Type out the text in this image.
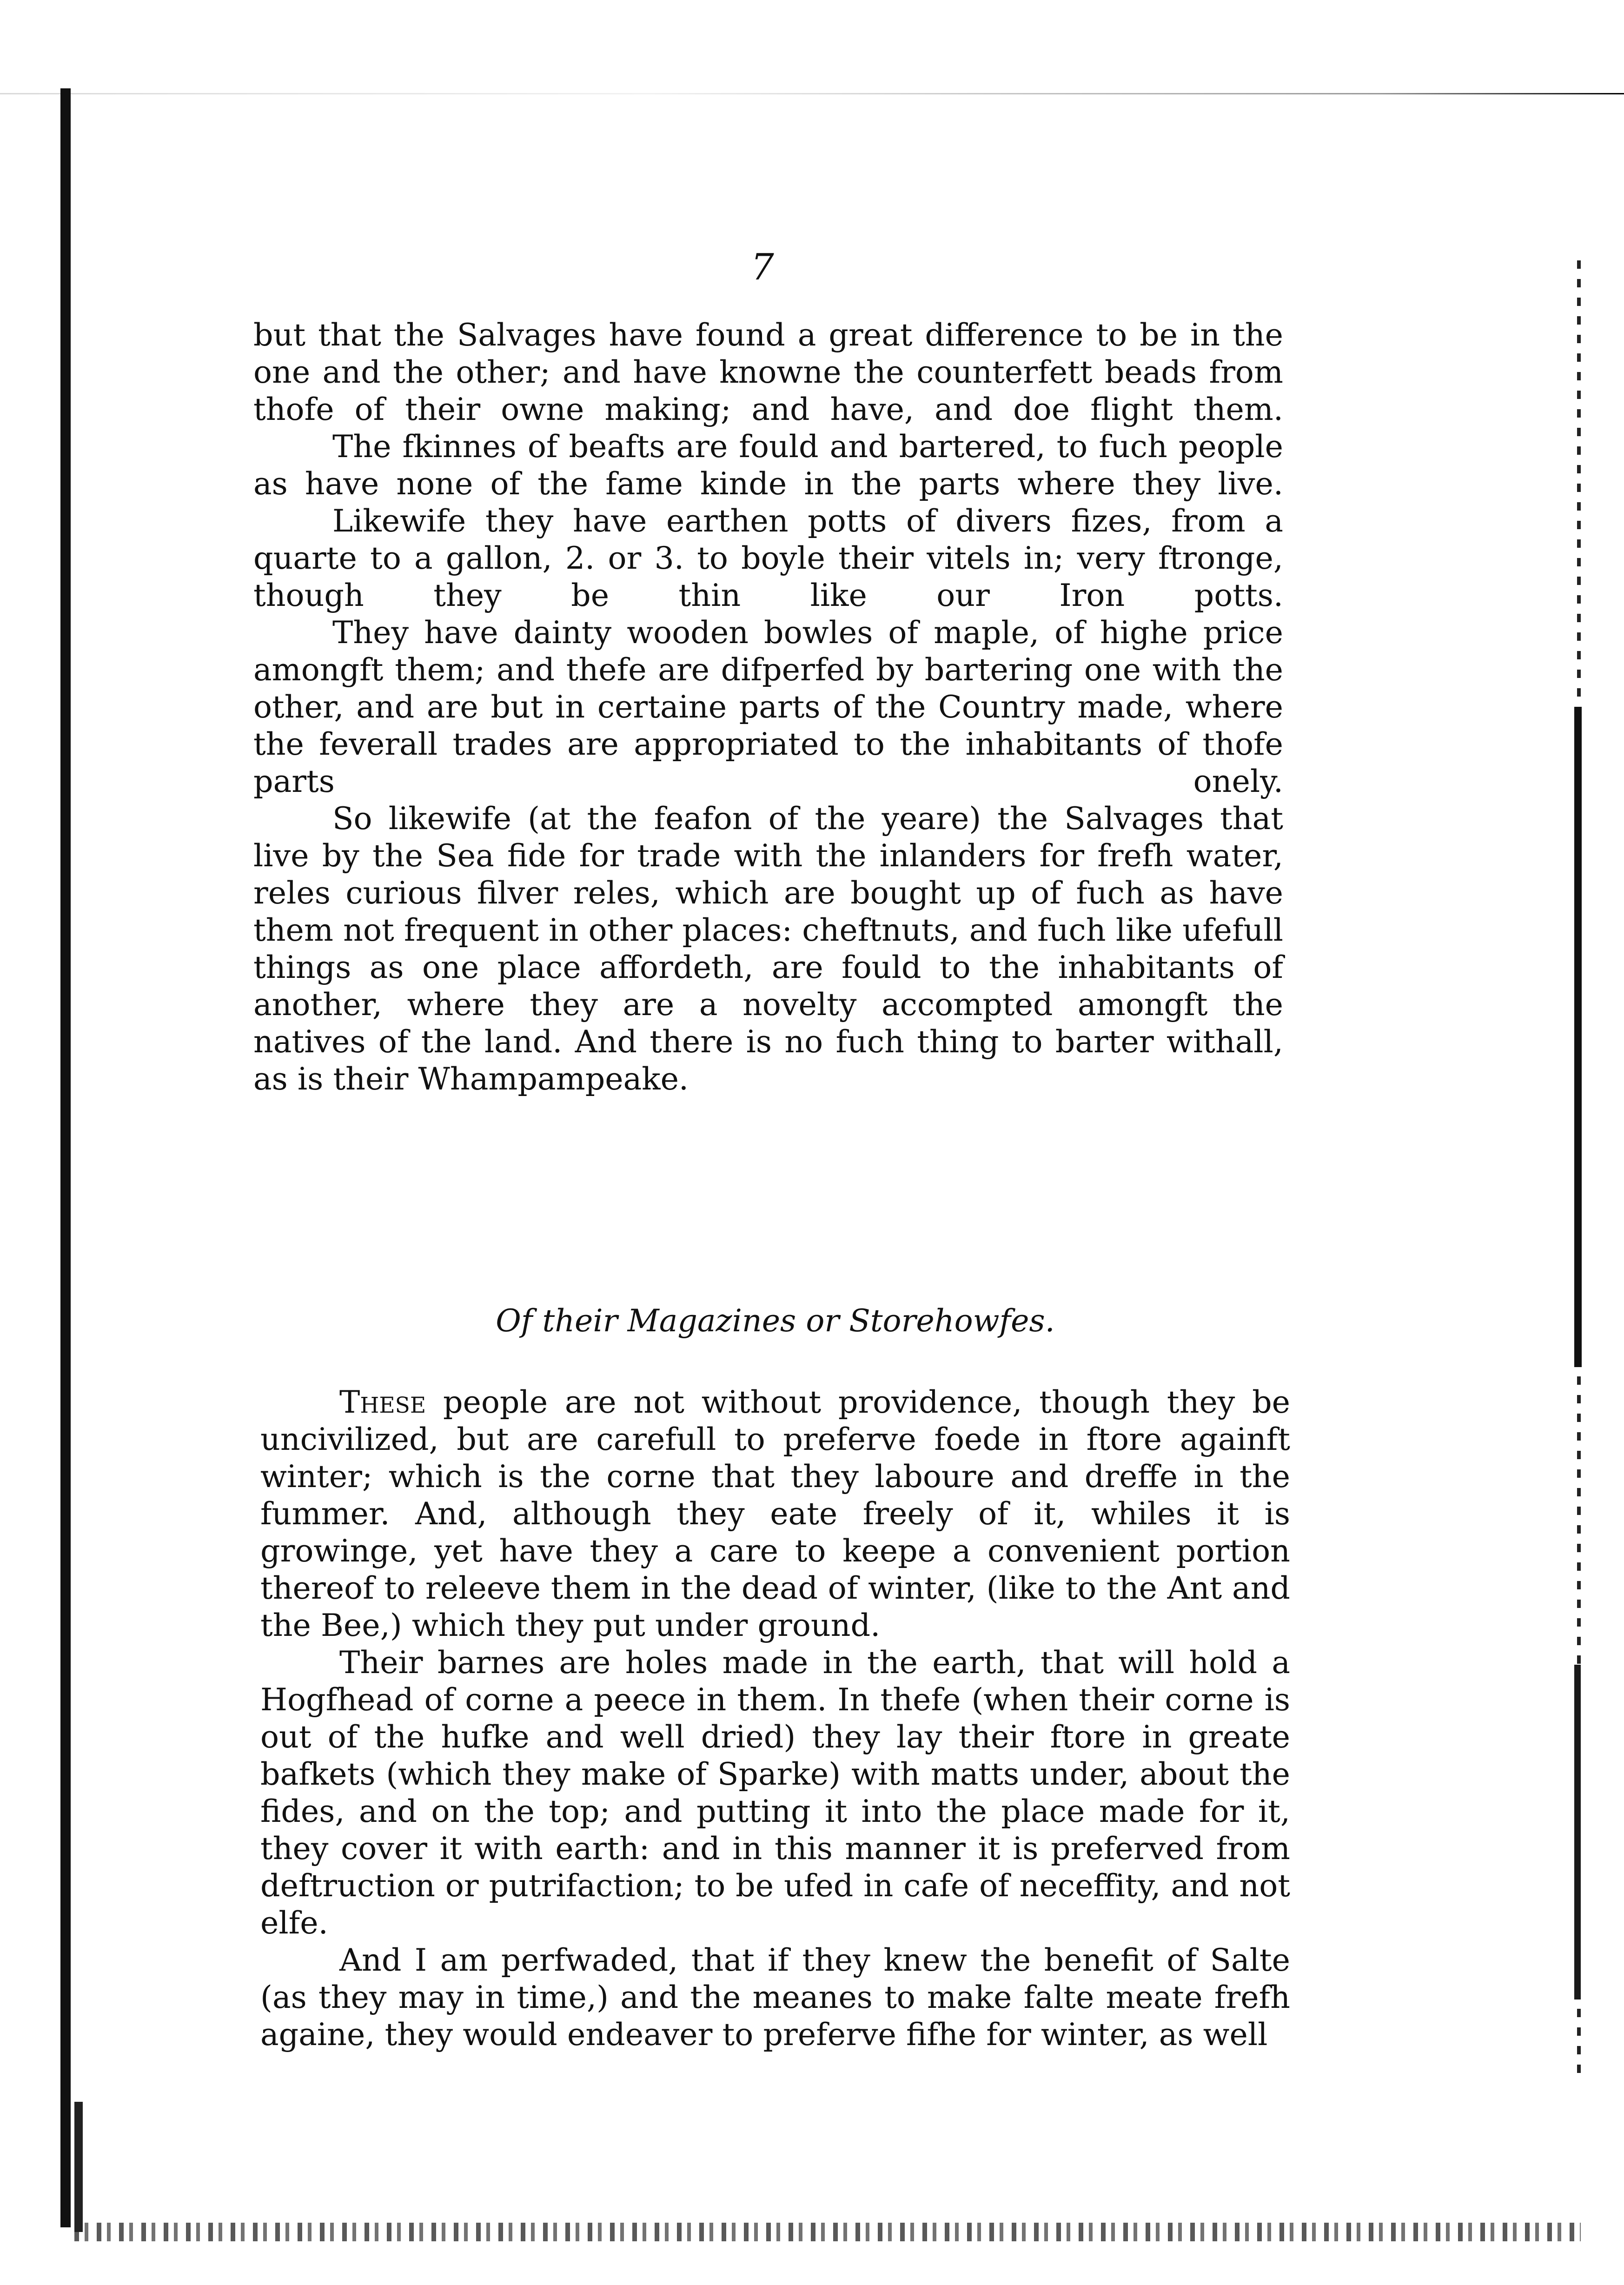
7

but that the Salvages have found a great difference to be in the one and the other; and have knowne the counterfett beads from thofe of their owne making; and have, and doe flight them.

The fkinnes of beafts are fould and bartered, to fuch people as have none of the fame kinde in the parts where they live.

Likewife they have earthen potts of divers fizes, from a quarte to a gallon, 2. or 3. to boyle their vitels in; very ftronge, though they be thin like our Iron potts.

They have dainty wooden bowles of maple, of highe price amongft them; and thefe are difperfed by bartering one with the other, and are but in certaine parts of the Country made, where the feverall trades are appropriated to the inhabitants of thofe parts onely.

So likewife (at the feafon of the yeare) the Salvages that live by the Sea fide for trade with the inlanders for frefh water, reles curious filver reles, which are bought up of fuch as have them not frequent in other places: cheftnuts, and fuch like ufefull things as one place affordeth, are fould to the inhabitants of another, where they are a novelty accompted amongft the natives of the land. And there is no fuch thing to barter withall, as is their Whampampeake.

Of their Magazines or Storehowfes.

These people are not without providence, though they be uncivilized, but are carefull to preferve foede in ftore againft winter; which is the corne that they laboure and dreffe in the fummer. And, although they eate freely of it, whiles it is growinge, yet have they a care to keepe a convenient portion thereof to releeve them in the dead of winter, (like to the Ant and the Bee,) which they put under ground.

Their barnes are holes made in the earth, that will hold a Hogfhead of corne a peece in them. In thefe (when their corne is out of the hufke and well dried) they lay their ftore in greate bafkets (which they make of Sparke) with matts under, about the fides, and on the top; and putting it into the place made for it, they cover it with earth: and in this manner it is preferved from deftruction or putrifaction; to be ufed in cafe of neceffity, and not elfe.

And I am perfwaded, that if they knew the benefit of Salte (as they may in time,) and the meanes to make falte meate frefh againe, they would endeaver to preferve fifhe for winter, as well
